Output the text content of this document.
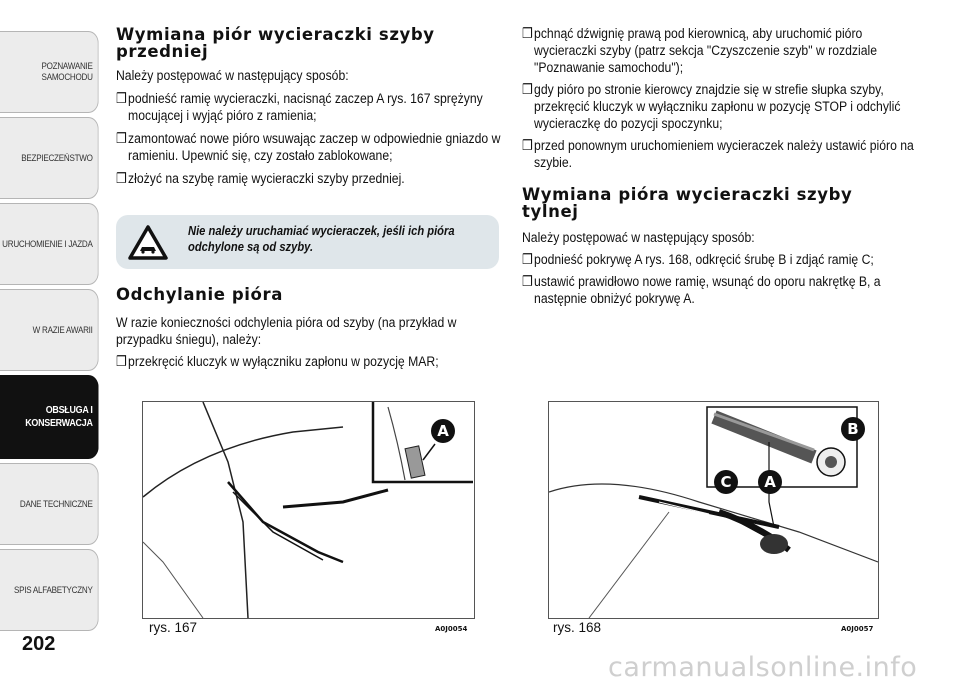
POZNAWANIE SAMOCHODU
BEZPIECZEŃSTWO
URUCHOMIENIE I JAZDA
W RAZIE AWARII
OBSŁUGA I KONSERWACJA
DANE TECHNICZNE
SPIS ALFABETYCZNY
202
Wymiana piór wycieraczki szyby przedniej

Należy postępować w następujący sposób:

❒podnieść ramię wycieraczki, nacisnąć zaczep A rys. 167 sprężyny mocującej i wyjąć pióro z ramienia;
❒zamontować nowe pióro wsuwając zaczep w odpowiednie gniazdo w ramieniu. Upewnić się, czy zostało zablokowane;
❒złożyć na szybę ramię wycieraczki szyby przedniej.
Nie należy uruchamiać wycieraczek, jeśli ich pióra odchylone są od szyby.
Odchylanie pióra

W razie konieczności odchylenia pióra od szyby (na przykład w przypadku śniegu), należy:

❒przekręcić kluczyk w wyłączniku zapłonu w pozycję MAR;
❒pchnąć dźwignię prawą pod kierownicą, aby uruchomić pióro wycieraczki szyby (patrz sekcja "Czyszczenie szyb" w rozdziale "Poznawanie samochodu");
❒gdy pióro po stronie kierowcy znajdzie się w strefie słupka szyby, przekręcić kluczyk w wyłączniku zapłonu w pozycję STOP i odchylić wycieraczkę do pozycji spoczynku;
❒przed ponownym uruchomieniem wycieraczek należy ustawić pióro na szybie.
Wymiana pióra wycieraczki szyby tylnej

Należy postępować w następujący sposób:

❒podnieść pokrywę A rys. 168, odkręcić śrubę B i zdjąć ramię C;
❒ustawić prawidłowo nowe ramię, wsunąć do oporu nakrętkę B, a następnie obniżyć pokrywę A.
A
rys. 167	A0J0054
B
C	A
rys. 168	A0J0057
carmanualsonline.info
